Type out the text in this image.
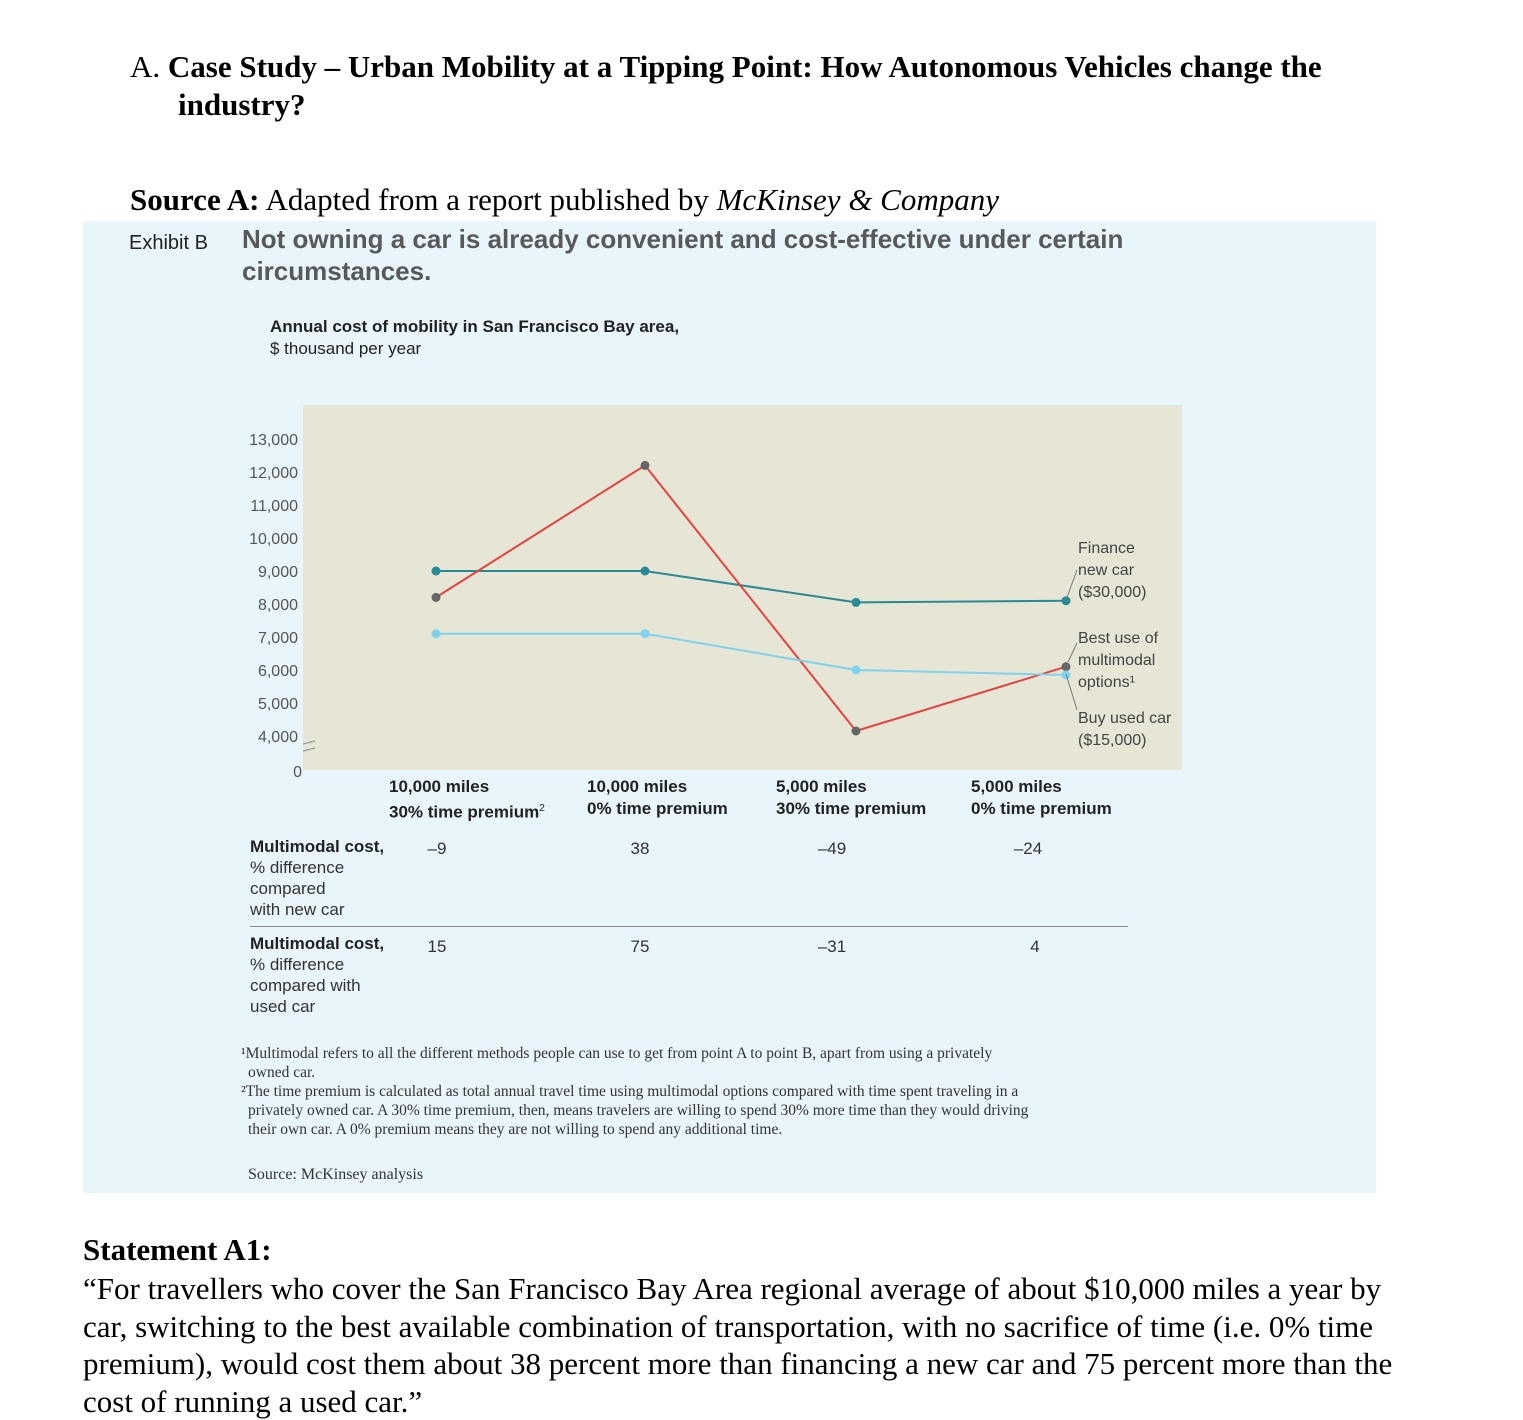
A. Case Study – Urban Mobility at a Tipping Point: How Autonomous Vehicles change the
industry?
Source A: Adapted from a report published by McKinsey & Company
Exhibit B Not owning a car is already convenient and cost-effective under certain circumstances.
Annual cost of mobility in San Francisco Bay area,
$ thousand per year
13,000
12,000
11,000
10,000
9,000
8,000
7,000
6,000
5,000
4,000
0
Finance
new car
($30,000)
Best use of
multimodal
options¹
Buy used car
($15,000)
10,000 miles
30% time premium$^2$
10,000 miles
0% time premium
5,000 miles
30% time premium
5,000 miles
0% time premium
Multimodal cost,
% difference
compared
with new car
–9	38	–49	–24
Multimodal cost,
% difference
compared with
used car
15	75	–31	4
¹Multimodal refers to all the different methods people can use to get from point A to point B, apart from using a privately
owned car.
²The time premium is calculated as total annual travel time using multimodal options compared with time spent traveling in a
privately owned car. A 30% time premium, then, means travelers are willing to spend 30% more time than they would driving
their own car. A 0% premium means they are not willing to spend any additional time.
Source: McKinsey analysis
Statement A1:
“For travellers who cover the San Francisco Bay Area regional average of about $10,000 miles a year by car, switching to the best available combination of transportation, with no sacrifice of time (i.e. 0% time premium), would cost them about 38 percent more than financing a new car and 75 percent more than the cost of running a used car.”
